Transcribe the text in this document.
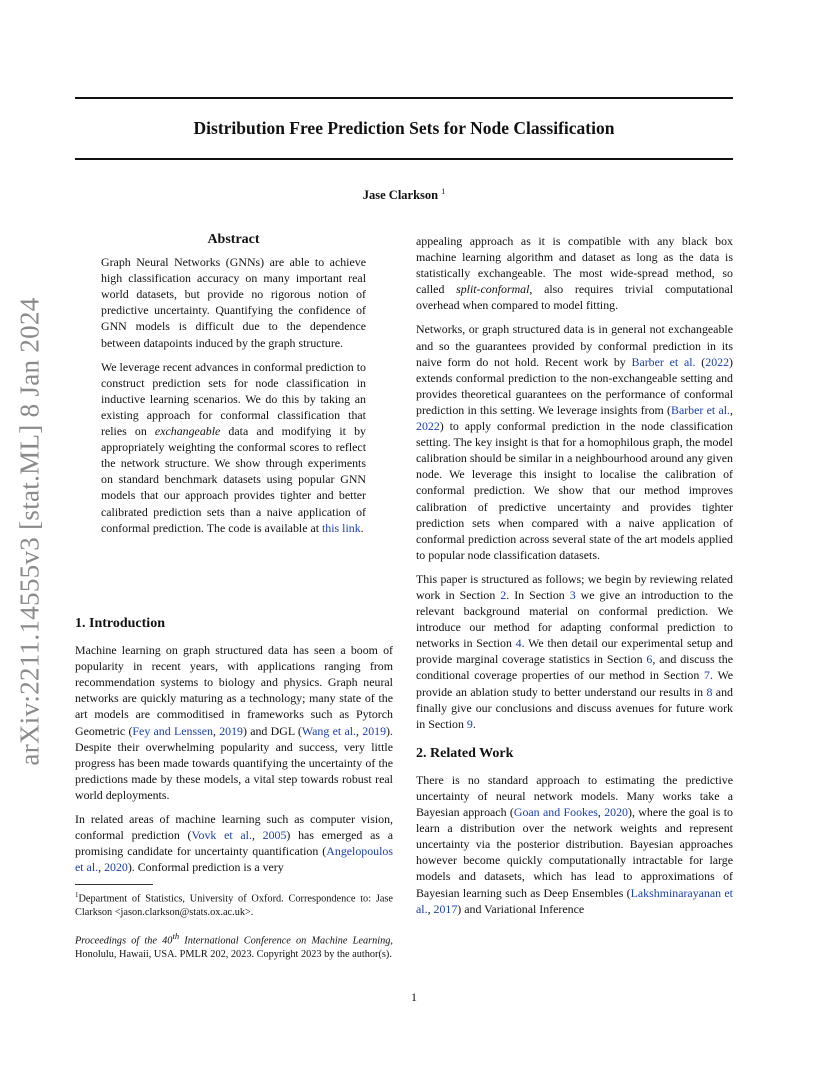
Distribution Free Prediction Sets for Node Classification
Jase Clarkson $^1$
arXiv:2211.14555v3 [stat.ML] 8 Jan 2024
Abstract

Graph Neural Networks (GNNs) are able to achieve high classification accuracy on many important real world datasets, but provide no rigorous notion of predictive uncertainty. Quantifying the confidence of GNN models is difficult due to the dependence between datapoints induced by the graph structure.

We leverage recent advances in conformal prediction to construct prediction sets for node classification in inductive learning scenarios. We do this by taking an existing approach for conformal classification that relies on exchangeable data and modifying it by appropriately weighting the conformal scores to reflect the network structure. We show through experiments on standard benchmark datasets using popular GNN models that our approach provides tighter and better calibrated prediction sets than a naive application of conformal prediction. The code is available at this link.

1. Introduction

Machine learning on graph structured data has seen a boom of popularity in recent years, with applications ranging from recommendation systems to biology and physics. Graph neural networks are quickly maturing as a technology; many state of the art models are commoditised in frameworks such as Pytorch Geometric (Fey and Lenssen, 2019) and DGL (Wang et al., 2019). Despite their overwhelming popularity and success, very little progress has been made towards quantifying the uncertainty of the predictions made by these models, a vital step towards robust real world deployments.

In related areas of machine learning such as computer vision, conformal prediction (Vovk et al., 2005) has emerged as a promising candidate for uncertainty quantification (Angelopoulos et al., 2020). Conformal prediction is a very

$^1$Department of Statistics, University of Oxford. Correspondence to: Jase Clarkson <jason.clarkson@stats.ox.ac.uk>.
Proceedings of the 40th International Conference on Machine Learning, Honolulu, Hawaii, USA. PMLR 202, 2023. Copyright 2023 by the author(s).

appealing approach as it is compatible with any black box machine learning algorithm and dataset as long as the data is statistically exchangeable. The most wide-spread method, so called split-conformal, also requires trivial computational overhead when compared to model fitting.

Networks, or graph structured data is in general not exchangeable and so the guarantees provided by conformal prediction in its naive form do not hold. Recent work by Barber et al. (2022) extends conformal prediction to the non-exchangeable setting and provides theoretical guarantees on the performance of conformal prediction in this setting. We leverage insights from (Barber et al., 2022) to apply conformal prediction in the node classification setting. The key insight is that for a homophilous graph, the model calibration should be similar in a neighbourhood around any given node. We leverage this insight to localise the calibration of conformal prediction. We show that our method improves calibration of predictive uncertainty and provides tighter prediction sets when compared with a naive application of conformal prediction across several state of the art models applied to popular node classification datasets.

This paper is structured as follows; we begin by reviewing related work in Section 2. In Section 3 we give an introduction to the relevant background material on conformal prediction. We introduce our method for adapting conformal prediction to networks in Section 4. We then detail our experimental setup and provide marginal coverage statistics in Section 6, and discuss the conditional coverage properties of our method in Section 7. We provide an ablation study to better understand our results in 8 and finally give our conclusions and discuss avenues for future work in Section 9.

2. Related Work

There is no standard approach to estimating the predictive uncertainty of neural network models. Many works take a Bayesian approach (Goan and Fookes, 2020), where the goal is to learn a distribution over the network weights and represent uncertainty via the posterior distribution. Bayesian approaches however become quickly computationally intractable for large models and datasets, which has lead to approximations of Bayesian learning such as Deep Ensembles (Lakshminarayanan et al., 2017) and Variational Inference

1
